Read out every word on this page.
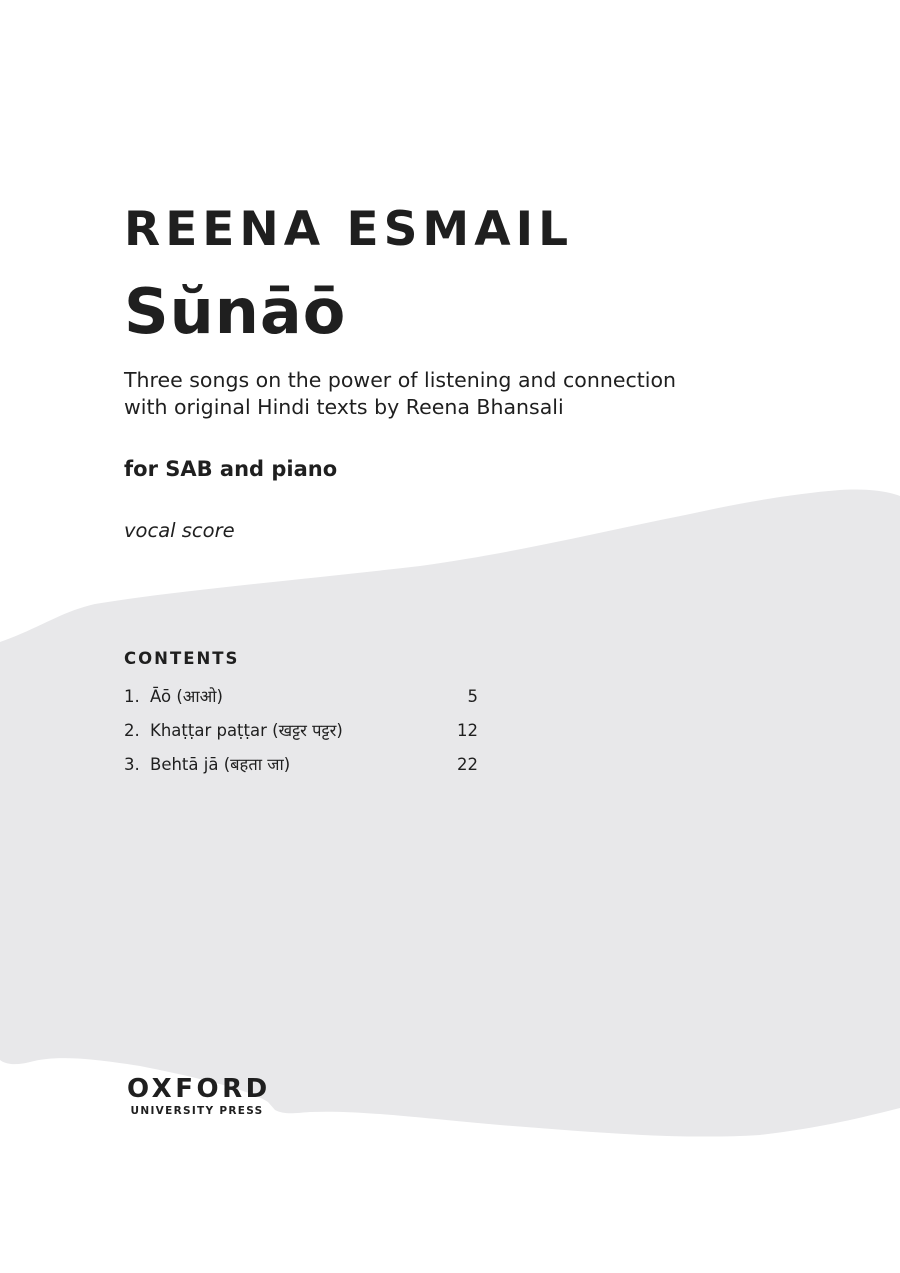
REENA ESMAIL
Sŭnāō

Three songs on the power of listening and connection
with original Hindi texts by Reena Bhansali

for SAB and piano

vocal score

CONTENTS
1. Āō (आओ)	5
2. Khaṭṭar paṭṭar (खट्टर पट्टर)	12
3. Behtā jā (बहता जा)	22
OXFORD
UNIVERSITY PRESS
